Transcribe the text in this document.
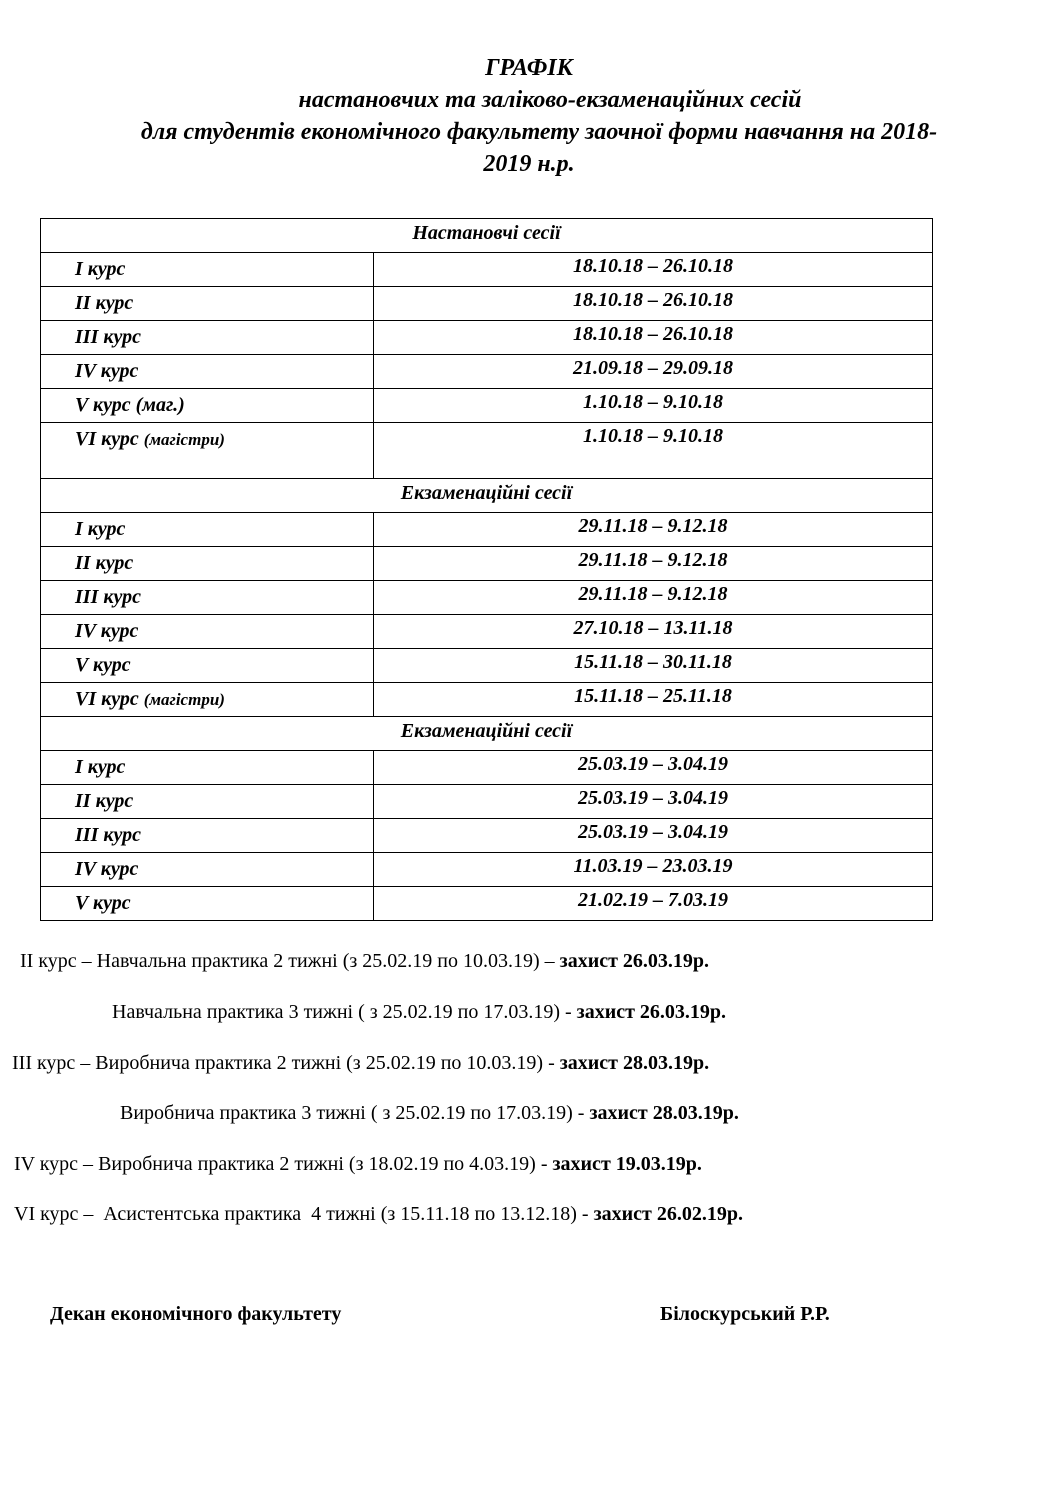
ГРАФІК
настановчих та заліково-екзаменаційних сесій
для студентів економічного факультету заочної форми навчання на 2018-
2019 н.р.
Настановчі сесії	
І курс	18.10.18 – 26.10.18
ІІ курс	18.10.18 – 26.10.18
ІІІ курс	18.10.18 – 26.10.18
ІV курс	21.09.18 – 29.09.18
V курс (маг.)	1.10.18 – 9.10.18
VІ курс (магістри)	1.10.18 – 9.10.18
Екзаменаційні сесії	
І курс	29.11.18 – 9.12.18
ІІ курс	29.11.18 – 9.12.18
ІІІ курс	29.11.18 – 9.12.18
ІV курс	27.10.18 – 13.11.18
V курс	15.11.18 – 30.11.18
VІ курс (магістри)	15.11.18 – 25.11.18
Екзаменаційні сесії	
І курс	25.03.19 – 3.04.19
ІІ курс	25.03.19 – 3.04.19
ІІІ курс	25.03.19 – 3.04.19
ІV курс	11.03.19 – 23.03.19
V курс	21.02.19 – 7.03.19
ІІ курс – Навчальна практика 2 тижні (з 25.02.19 по 10.03.19) – захист 26.03.19р.
Навчальна практика 3 тижні ( з 25.02.19 по 17.03.19) - захист 26.03.19р.
ІІІ курс – Виробнича практика 2 тижні (з 25.02.19 по 10.03.19) - захист 28.03.19р.
Виробнича практика 3 тижні ( з 25.02.19 по 17.03.19) - захист 28.03.19р.
ІV курс – Виробнича практика 2 тижні (з 18.02.19 по 4.03.19) - захист 19.03.19р.
VІ курс –  Асистентська практика  4 тижні (з 15.11.18 по 13.12.18) - захист 26.02.19р.
Декан економічного факультету	Білоскурський Р.Р.
